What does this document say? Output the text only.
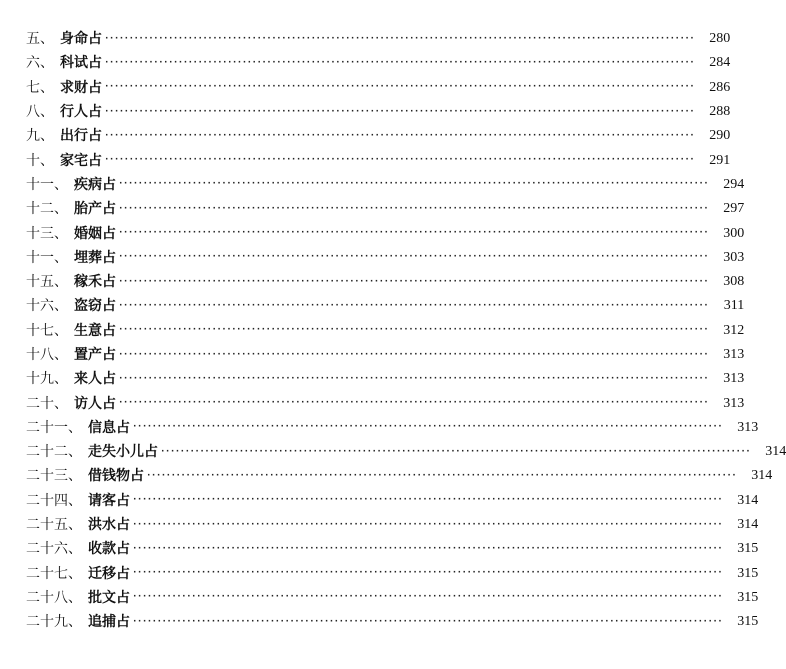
五、 身命占 ························································································································	280
六、 科试占 ························································································································	284
七、 求财占 ························································································································	286
八、 行人占 ························································································································	288
九、 出行占 ························································································································	290
十、 家宅占 ························································································································	291
十一、 疾病占 ························································································································	294
十二、 胎产占 ························································································································	297
十三、 婚姻占 ························································································································	300
十一、 埋葬占 ························································································································	303
十五、 稼禾占 ························································································································	308
十六、 盗窃占 ························································································································	311
十七、 生意占 ························································································································	312
十八、 置产占 ························································································································	313
十九、 来人占 ························································································································	313
二十、 访人占 ························································································································	313
二十一、 信息占 ························································································································	313
二十二、 走失小儿占 ························································································································	314
二十三、 借钱物占 ························································································································	314
二十四、 请客占 ························································································································	314
二十五、 洪水占 ························································································································	314
二十六、 收款占 ························································································································	315
二十七、 迁移占 ························································································································	315
二十八、 批文占 ························································································································	315
二十九、 追捕占 ························································································································	315
